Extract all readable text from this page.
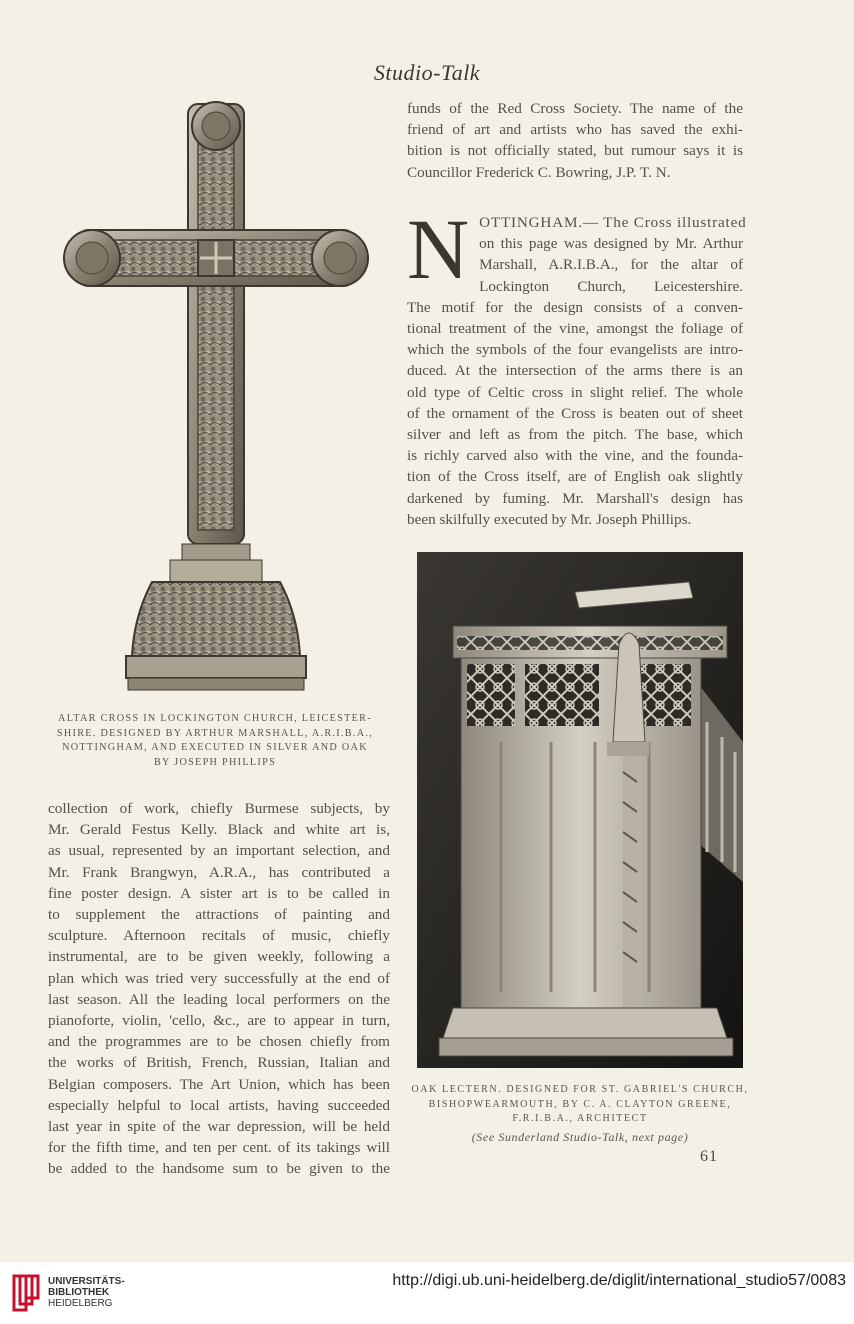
Studio-Talk
ALTAR CROSS IN LOCKINGTON CHURCH, LEICESTER-
SHIRE. DESIGNED BY ARTHUR MARSHALL, A.R.I.B.A.,
NOTTINGHAM, AND EXECUTED IN SILVER AND OAK
BY JOSEPH PHILLIPS

collection of work, chiefly Burmese subjects, by
Mr. Gerald Festus Kelly. Black and white art is,
as usual, represented by an important selection, and
Mr. Frank Brangwyn, A.R.A., has contributed a
fine poster design. A sister art is to be called in
to supplement the attractions of painting and
sculpture. Afternoon recitals of music, chiefly
instrumental, are to be given weekly, following a
plan which was tried very successfully at the end of
last season. All the leading local performers on the
pianoforte, violin, 'cello, &c., are to appear in turn,
and the programmes are to be chosen chiefly from
the works of British, French, Russian, Italian and
Belgian composers. The Art Union, which has been
especially helpful to local artists, having succeeded
last year in spite of the war depression, will be held
for the fifth time, and ten per cent. of its takings will
be added to the handsome sum to be given to the

funds of the Red Cross Society. The name of the
friend of art and artists who has saved the exhi-
bition is not officially stated, but rumour says it is
Councillor Frederick C. Bowring, J.P. T. N.

N OTTINGHAM.— The Cross illustrated
on this page was designed by Mr. Arthur
Marshall, A.R.I.B.A., for the altar of
Lockington Church, Leicestershire.
The motif for the design consists of a conven-
tional treatment of the vine, amongst the foliage of
which the symbols of the four evangelists are intro-
duced. At the intersection of the arms there is an
old type of Celtic cross in slight relief. The whole
of the ornament of the Cross is beaten out of sheet
silver and left as from the pitch. The base, which
is richly carved also with the vine, and the founda-
tion of the Cross itself, are of English oak slightly
darkened by fuming. Mr. Marshall's design has
been skilfully executed by Mr. Joseph Phillips.

OAK LECTERN. DESIGNED FOR ST. GABRIEL'S CHURCH,
BISHOPWEARMOUTH, BY C. A. CLAYTON GREENE,
F.R.I.B.A., ARCHITECT
(See Sunderland Studio-Talk, next page)
61
UNIVERSITÄTS-
BIBLIOTHEK
HEIDELBERG
http://digi.ub.uni-heidelberg.de/diglit/international_studio57/0083
